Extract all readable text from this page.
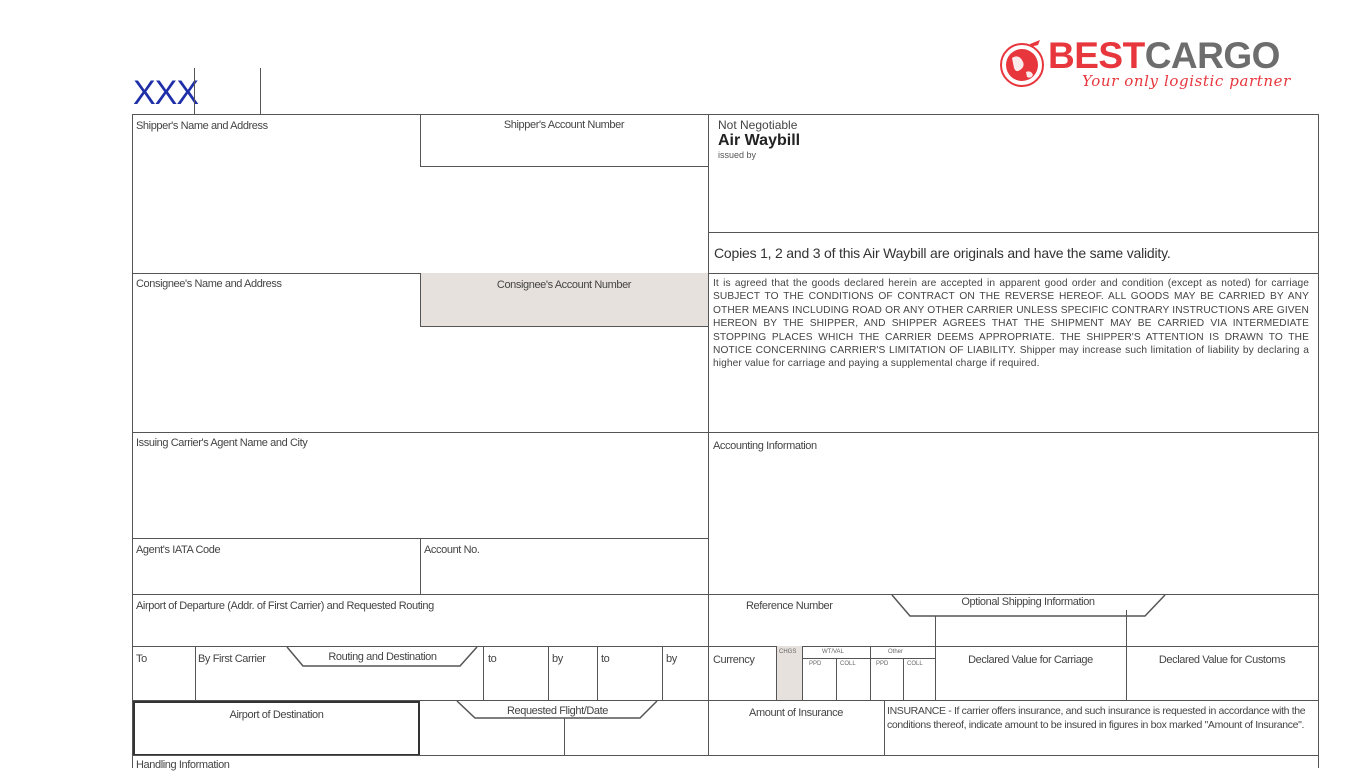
BESTCARGO
Your only logistic partner
XXX
Shipper's Name and Address	Shipper's Account Number	Not Negotiable
Air Waybill
issued by
Copies 1, 2 and 3 of this Air Waybill are originals and have the same validity.
Consignee's Name and Address	Consignee's Account Number	It is agreed that the goods declared herein are accepted in apparent good order and condition (except as noted) for carriage SUBJECT TO THE CONDITIONS OF CONTRACT ON THE REVERSE HEREOF. ALL GOODS MAY BE CARRIED BY ANY OTHER MEANS INCLUDING ROAD OR ANY OTHER CARRIER UNLESS SPECIFIC CONTRARY INSTRUCTIONS ARE GIVEN HEREON BY THE SHIPPER, AND SHIPPER AGREES THAT THE SHIPMENT MAY BE CARRIED VIA INTERMEDIATE STOPPING PLACES WHICH THE CARRIER DEEMS APPROPRIATE. THE SHIPPER'S ATTENTION IS DRAWN TO THE NOTICE CONCERNING CARRIER'S LIMITATION OF LIABILITY. Shipper may increase such limitation of liability by declaring a higher value for carriage and paying a supplemental charge if required.
Issuing Carrier's Agent Name and City	Accounting Information
Agent's IATA Code	Account No.
Airport of Departure (Addr. of First Carrier) and Requested Routing	Reference Number	Optional Shipping Information
To	By First Carrier	Routing and Destination	to	by	to	by	Currency
CHGS	WT/VAL	Other
PPD	COLL	PPD	COLL	Declared Value for Carriage	Declared Value for Customs
Airport of Destination	Requested Flight/Date	Amount of Insurance	INSURANCE - If carrier offers insurance, and such insurance is requested in accordance with the conditions thereof, indicate amount to be insured in figures in box marked "Amount of Insurance".
Handling Information
